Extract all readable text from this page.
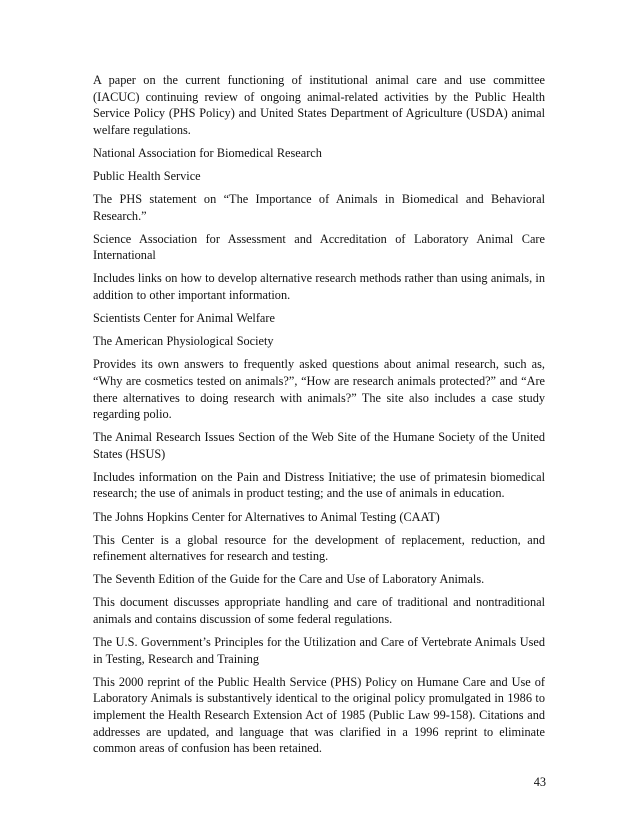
A paper on the current functioning of institutional animal care and use committee (IACUC) continuing review of ongoing animal-related activities by the Public Health Service Policy (PHS Policy) and United States Department of Agriculture (USDA) animal welfare regulations.

National Association for Biomedical Research

Public Health Service

The PHS statement on “The Importance of Animals in Biomedical and Behavioral Research.”

Science Association for Assessment and Accreditation of Laboratory Animal Care International

Includes links on how to develop alternative research methods rather than using animals, in addition to other important information.

Scientists Center for Animal Welfare

The American Physiological Society

Provides its own answers to frequently asked questions about animal research, such as, “Why are cosmetics tested on animals?”, “How are research animals protected?” and “Are there alternatives to doing research with animals?” The site also includes a case study regarding polio.

The Animal Research Issues Section of the Web Site of the Humane Society of the United States (HSUS)

Includes information on the Pain and Distress Initiative; the use of primatesin biomedical research; the use of animals in product testing; and the use of animals in education.

The Johns Hopkins Center for Alternatives to Animal Testing (CAAT)

This Center is a global resource for the development of replacement, reduction, and refinement alternatives for research and testing.

The Seventh Edition of the Guide for the Care and Use of Laboratory Animals.

This document discusses appropriate handling and care of traditional and nontraditional animals and contains discussion of some federal regulations.

The U.S. Government’s Principles for the Utilization and Care of Vertebrate Animals Used in Testing, Research and Training

This 2000 reprint of the Public Health Service (PHS) Policy on Humane Care and Use of Laboratory Animals is substantively identical to the original policy promulgated in 1986 to implement the Health Research Extension Act of 1985 (Public Law 99-158). Citations and addresses are updated, and language that was clarified in a 1996 reprint to eliminate common areas of confusion has been retained.

43
